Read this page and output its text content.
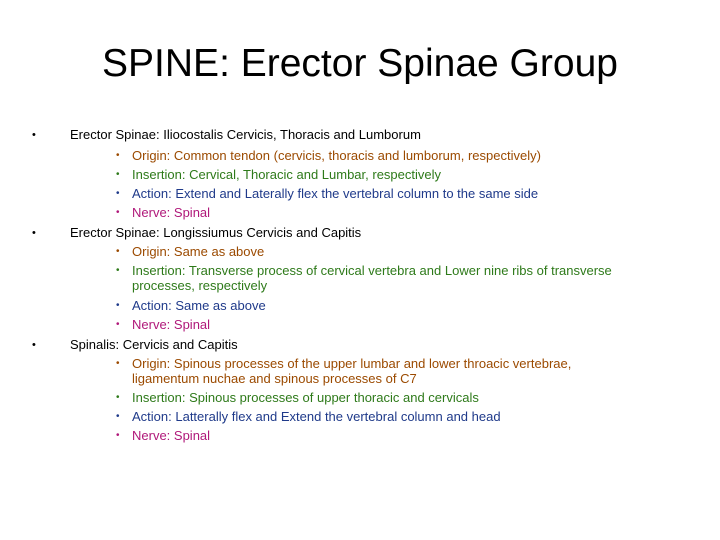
SPINE: Erector Spinae Group
•	Erector Spinae: Iliocostalis Cervicis, Thoracis and Lumborum
• Origin: Common tendon (cervicis, thoracis and lumborum, respectively)
• Insertion: Cervical, Thoracic and Lumbar, respectively
• Action: Extend and Laterally flex the vertebral column to the same side
• Nerve: Spinal
•	Erector Spinae: Longissiumus Cervicis and Capitis
• Origin: Same as above
• Insertion: Transverse process of cervical vertebra and Lower nine ribs of transverse
processes, respectively
• Action: Same as above
• Nerve: Spinal
•	Spinalis: Cervicis and Capitis
• Origin: Spinous processes of the upper lumbar and lower throacic vertebrae,
ligamentum nuchae and spinous processes of C7
• Insertion: Spinous processes of upper thoracic and cervicals
• Action: Latterally flex and Extend the vertebral column and head
• Nerve: Spinal
